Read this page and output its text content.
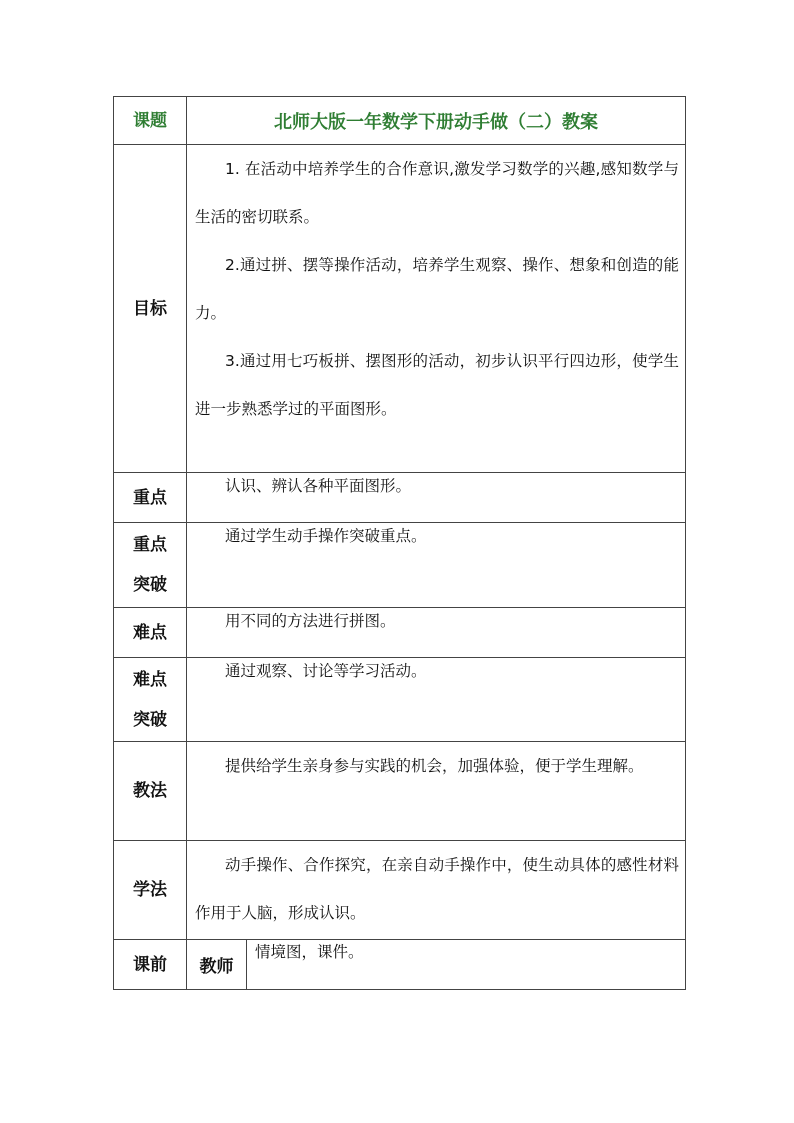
课题	北师大版一年数学下册动手做（二）教案	
目标	1. 在活动中培养学生的合作意识,激发学习数学的兴趣,感知数学与生活的密切联系。

2.通过拼、摆等操作活动，培养学生观察、操作、想象和创造的能力。

3.通过用七巧板拼、摆图形的活动，初步认识平行四边形，使学生进一步熟悉学过的平面图形。	

重点	认识、辨认各种平面图形。	

重点
突破	通过学生动手操作突破重点。	

难点	用不同的方法进行拼图。	

难点
突破	通过观察、讨论等学习活动。	

教法	提供给学生亲身参与实践的机会，加强体验，便于学生理解。	

学法	动手操作、合作探究，在亲自动手操作中，使生动具体的感性材料作用于人脑，形成认识。	

课前	教师	情境图，课件。
